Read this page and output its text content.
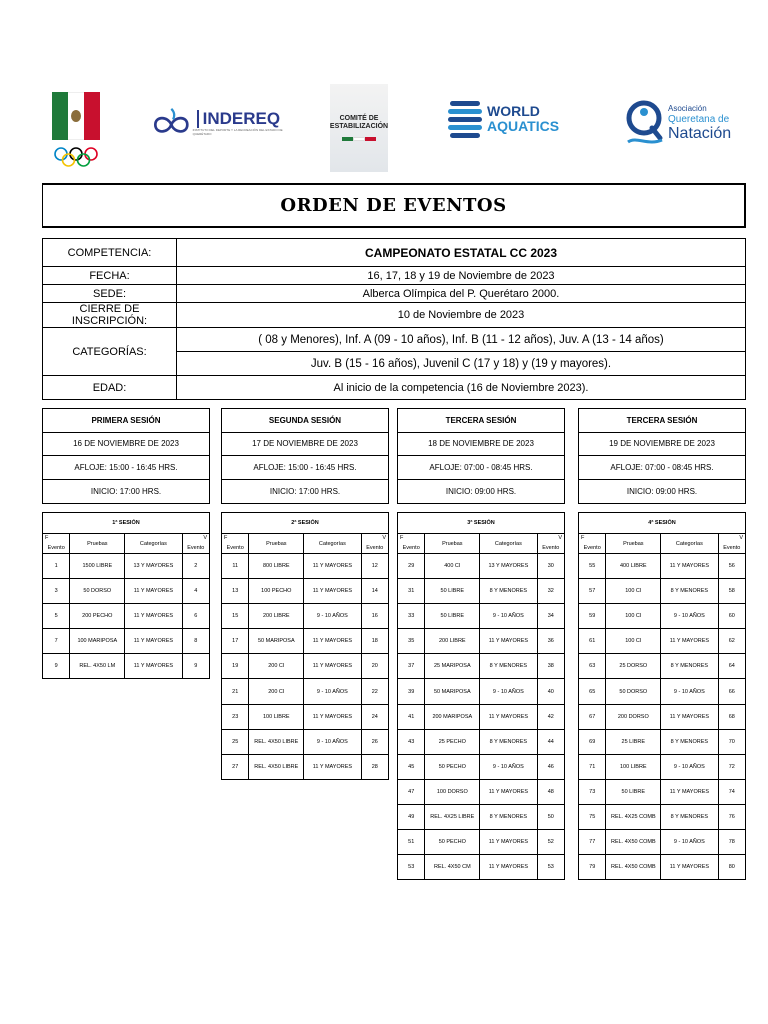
INDEREQ
INSTITUTO DEL DEPORTE Y LA RECREACIÓN DEL ESTADO DE QUERÉTARO
COMITÉ DE ESTABILIZACIÓN
WORLD
AQUATICS
Asociación
Queretana de
Natación
ORDEN DE EVENTOS
COMPETENCIA:	CAMPEONATO ESTATAL CC 2023
FECHA:	16, 17, 18 y 19 de Noviembre de 2023
SEDE:	Alberca Olímpica del P. Querétaro 2000.
CIERRE DE INSCRIPCIÓN:	10 de Noviembre de 2023
CATEGORÍAS:	( 08 y Menores), Inf. A (09 - 10 años), Inf. B (11 - 12 años), Juv. A (13 - 14 años)
	Juv. B (15 - 16 años), Juvenil C (17 y 18) y (19 y mayores).
EDAD:	Al inicio de la competencia (16 de Noviembre 2023).
PRIMERA SESIÓN
16 DE NOVIEMBRE DE 2023
AFLOJE: 15:00 - 16:45 HRS.
INICIO: 17:00 HRS.
SEGUNDA SESIÓN
17 DE NOVIEMBRE DE 2023
AFLOJE: 15:00 - 16:45 HRS.
INICIO: 17:00 HRS.
TERCERA SESIÓN
18 DE NOVIEMBRE DE 2023
AFLOJE: 07:00 - 08:45 HRS.
INICIO: 09:00 HRS.
TERCERA SESIÓN
19 DE NOVIEMBRE DE 2023
AFLOJE: 07:00 - 08:45 HRS.
INICIO: 09:00 HRS.
1ª SESIÓN			
F	Pruebas	Categorías	V
Evento			Evento
1	1500 LIBRE	13 Y MAYORES	2
3	50 DORSO	11 Y MAYORES	4
5	200 PECHO	11 Y MAYORES	6
7	100 MARIPOSA	11 Y MAYORES	8
9	REL. 4X50 LM	11 Y MAYORES	9
2ª SESIÓN			
F	Pruebas	Categorías	V
Evento			Evento
11	800 LIBRE	11 Y MAYORES	12
13	100 PECHO	11 Y MAYORES	14
15	200 LIBRE	9 - 10 AÑOS	16
17	50 MARIPOSA	11 Y MAYORES	18
19	200 CI	11 Y MAYORES	20
21	200 CI	9 - 10 AÑOS	22
23	100 LIBRE	11 Y MAYORES	24
25	REL. 4X50 LIBRE	9 - 10 AÑOS	26
27	REL. 4X50 LIBRE	11 Y MAYORES	28
3ª SESIÓN			
F	Pruebas	Categorías	V
Evento			Evento
29	400 CI	13 Y MAYORES	30
31	50 LIBRE	8 Y MENORES	32
33	50 LIBRE	9 - 10 AÑOS	34
35	200 LIBRE	11 Y MAYORES	36
37	25 MARIPOSA	8 Y MENORES	38
39	50 MARIPOSA	9 - 10 AÑOS	40
41	200 MARIPOSA	11 Y MAYORES	42
43	25 PECHO	8 Y MENORES	44
45	50 PECHO	9 - 10 AÑOS	46
47	100 DORSO	11 Y MAYORES	48
49	REL. 4X25 LIBRE	8 Y MENORES	50
51	50 PECHO	11 Y MAYORES	52
53	REL. 4X50 CM	11 Y MAYORES	53
4ª SESIÓN			
F	Pruebas	Categorías	V
Evento			Evento
55	400 LIBRE	11 Y MAYORES	56
57	100 CI	8 Y MENORES	58
59	100 CI	9 - 10 AÑOS	60
61	100 CI	11 Y MAYORES	62
63	25 DORSO	8 Y MENORES	64
65	50 DORSO	9 - 10 AÑOS	66
67	200 DORSO	11 Y MAYORES	68
69	25 LIBRE	8 Y MENORES	70
71	100 LIBRE	9 - 10 AÑOS	72
73	50 LIBRE	11 Y MAYORES	74
75	REL. 4X25 COMB	8 Y MENORES	76
77	REL. 4X50 COMB	9 - 10 AÑOS	78
79	REL. 4X50 COMB	11 Y MAYORES	80
